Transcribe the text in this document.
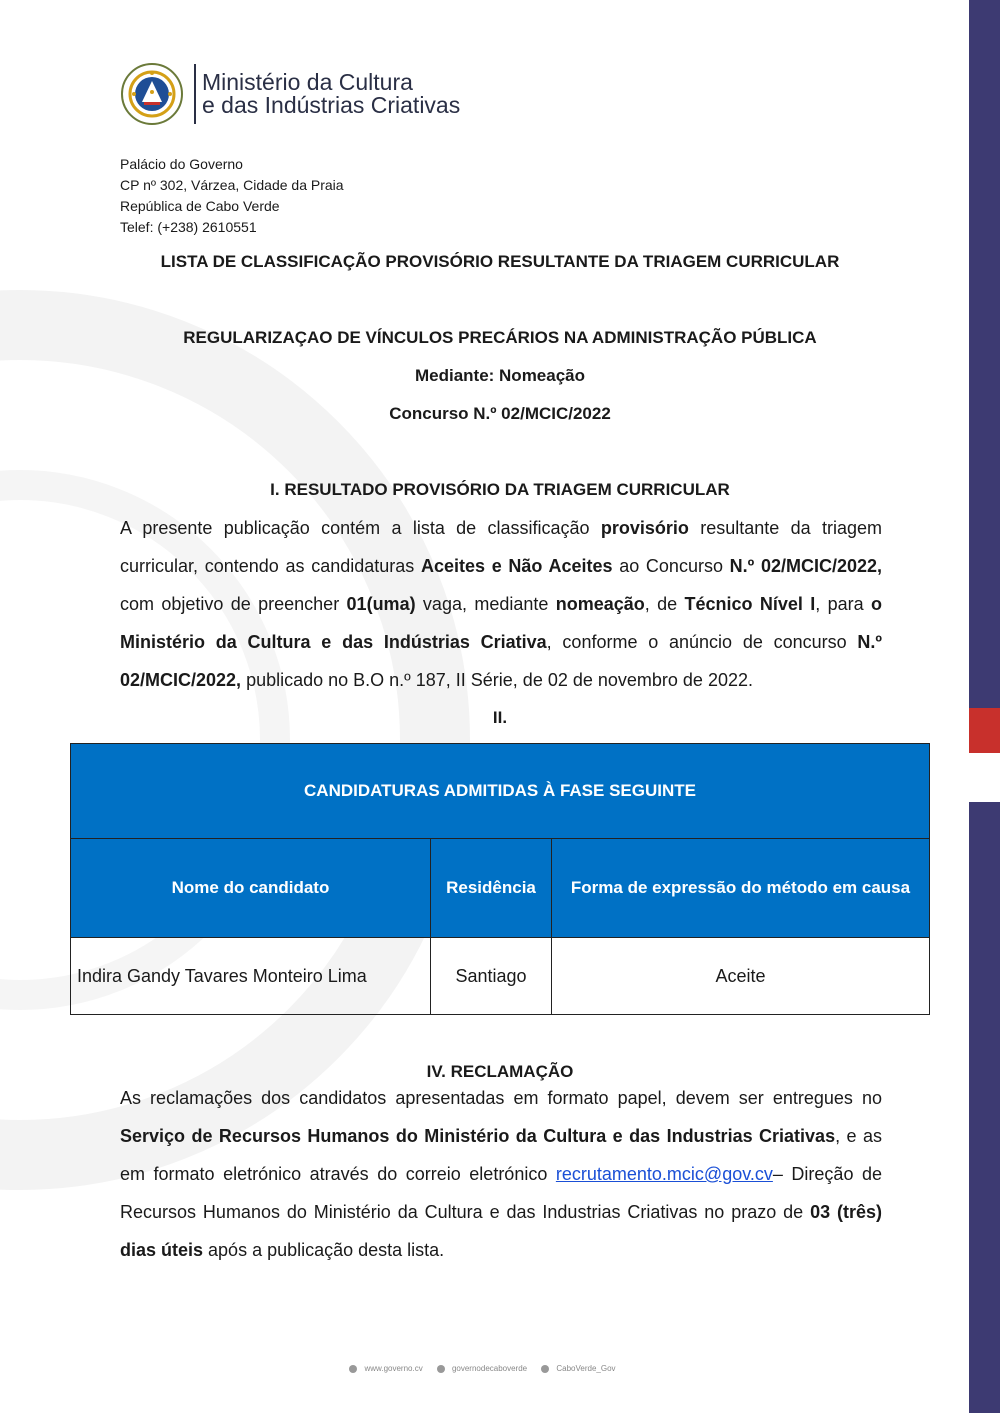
Ministério da Cultura
e das Indústrias Criativas
Palácio do Governo
CP nº 302, Várzea, Cidade da Praia
República de Cabo Verde
Telef: (+238) 2610551
LISTA DE CLASSIFICAÇÃO PROVISÓRIO RESULTANTE DA TRIAGEM CURRICULAR
REGULARIZAÇAO DE VÍNCULOS PRECÁRIOS NA ADMINISTRAÇÃO PÚBLICA
Mediante: Nomeação
Concurso N.º 02/MCIC/2022
I. RESULTADO PROVISÓRIO DA TRIAGEM CURRICULAR
A presente publicação contém a lista de classificação provisório resultante da triagem curricular, contendo as candidaturas Aceites e Não Aceites ao Concurso N.º 02/MCIC/2022, com objetivo de preencher 01(uma) vaga, mediante nomeação, de Técnico Nível I, para o Ministério da Cultura e das Indústrias Criativa, conforme o anúncio de concurso N.º 02/MCIC/2022, publicado no B.O n.º 187, II Série, de 02 de novembro de 2022.
II.
CANDIDATURAS ADMITIDAS À FASE SEGUINTE		
Nome do candidato	Residência	Forma de expressão do método em causa
Indira Gandy Tavares Monteiro Lima	Santiago	Aceite
IV. RECLAMAÇÃO
As reclamações dos candidatos apresentadas em formato papel, devem ser entregues no Serviço de Recursos Humanos do Ministério da Cultura e das Industrias Criativas, e as em formato eletrónico através do correio eletrónico recrutamento.mcic@gov.cv– Direção de Recursos Humanos do Ministério da Cultura e das Industrias Criativas no prazo de 03 (três) dias úteis após a publicação desta lista.
www.governo.cv	governodecaboverde	CaboVerde_Gov
